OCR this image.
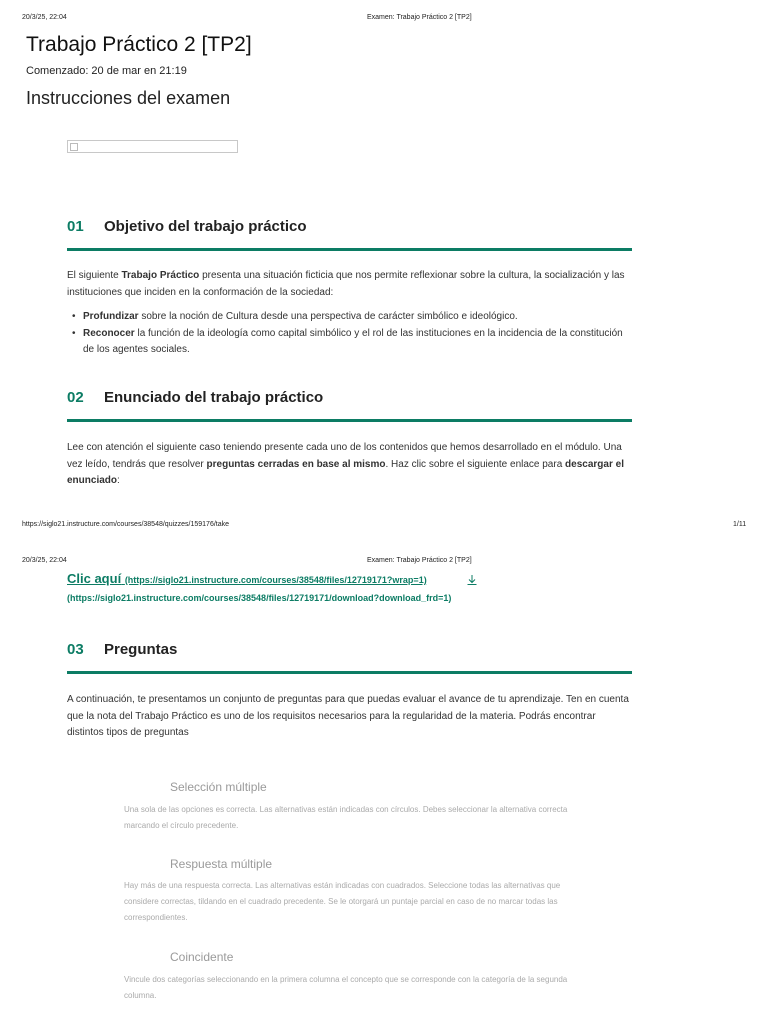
20/3/25, 22:04	Examen: Trabajo Práctico 2 [TP2]
Trabajo Práctico 2 [TP2]
Comenzado: 20 de mar en 21:19
Instrucciones del examen
01 Objetivo del trabajo práctico

El siguiente Trabajo Práctico presenta una situación ficticia que nos permite reflexionar sobre la cultura, la socialización y las instituciones que inciden en la conformación de la sociedad:

• Profundizar sobre la noción de Cultura desde una perspectiva de carácter simbólico e ideológico.
• Reconocer la función de la ideología como capital simbólico y el rol de las instituciones en la incidencia de la constitución de los agentes sociales.
02 Enunciado del trabajo práctico

Lee con atención el siguiente caso teniendo presente cada uno de los contenidos que hemos desarrollado en el módulo. Una vez leído, tendrás que resolver preguntas cerradas en base al mismo. Haz clic sobre el siguiente enlace para descargar el enunciado:

https://siglo21.instructure.com/courses/38548/quizzes/159176/take	1/11
20/3/25, 22:04	Examen: Trabajo Práctico 2 [TP2]
Clic aquí (https://siglo21.instructure.com/courses/38548/files/12719171?wrap=1)
(https://siglo21.instructure.com/courses/38548/files/12719171/download?download_frd=1)
03 Preguntas

A continuación, te presentamos un conjunto de preguntas para que puedas evaluar el avance de tu aprendizaje. Ten en cuenta que la nota del Trabajo Práctico es uno de los requisitos necesarios para la regularidad de la materia. Podrás encontrar distintos tipos de preguntas

Selección múltiple

Una sola de las opciones es correcta. Las alternativas están indicadas con círculos. Debes seleccionar la alternativa correcta marcando el círculo precedente.

Respuesta múltiple

Hay más de una respuesta correcta. Las alternativas están indicadas con cuadrados. Seleccione todas las alternativas que considere correctas, tildando en el cuadrado precedente. Se le otorgará un puntaje parcial en caso de no marcar todas las correspondientes.

Coincidente

Vincule dos categorías seleccionando en la primera columna el concepto que se corresponde con la categoría de la segunda columna.
